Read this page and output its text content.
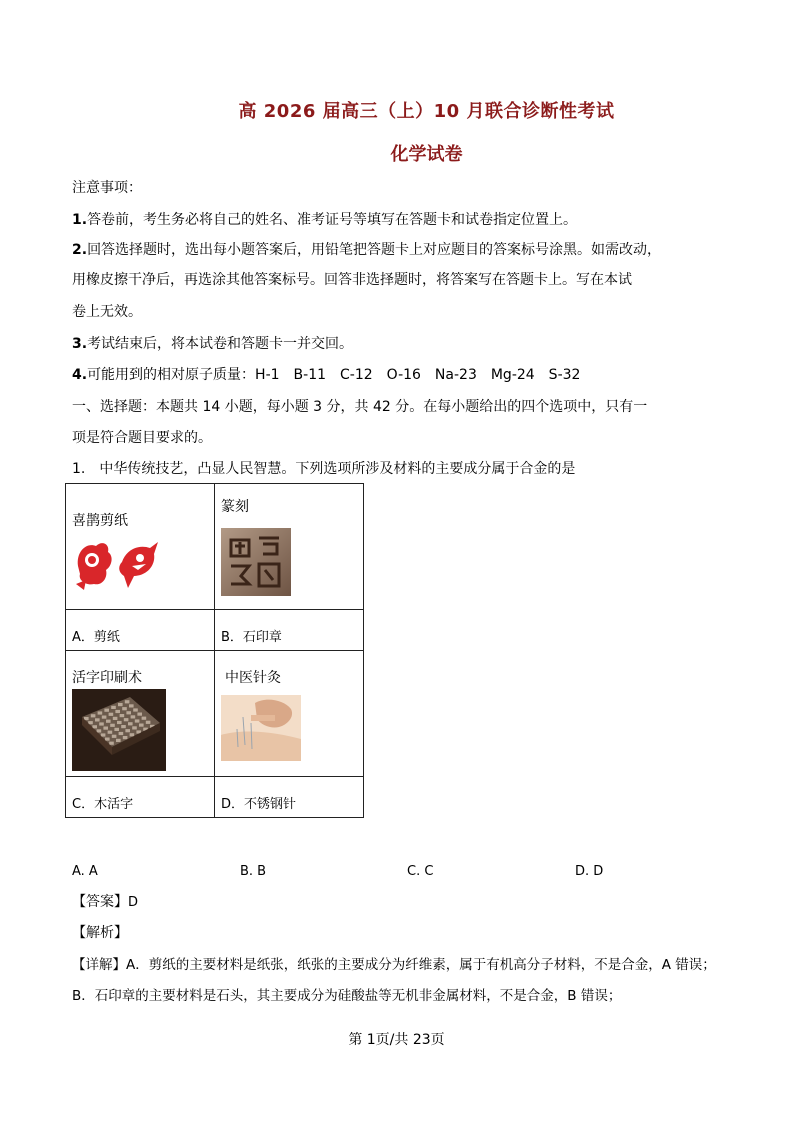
高 2026 届高三（上）10 月联合诊断性考试
化学试卷
注意事项：
1.答卷前，考生务必将自己的姓名、准考证号等填写在答题卡和试卷指定位置上。
2.回答选择题时，选出每小题答案后，用铅笔把答题卡上对应题目的答案标号涂黑。如需改动，
用橡皮擦干净后，再选涂其他答案标号。回答非选择题时，将答案写在答题卡上。写在本试
卷上无效。
3.考试结束后，将本试卷和答题卡一并交回。
4.可能用到的相对原子质量：H-1　B-11　C-12　O-16　Na-23　Mg-24　S-32
一、选择题：本题共 14 小题，每小题 3 分，共 42 分。在每小题给出的四个选项中，只有一
项是符合题目要求的。
1.　中华传统技艺，凸显人民智慧。下列选项所涉及材料的主要成分属于合金的是
喜鹊剪纸	篆刻

A．剪纸	B．石印章

活字印刷术	中医针灸

C．木活字	D．不锈钢针
A. A	B. B	C. C	D. D
【答案】D
【解析】
【详解】A．剪纸的主要材料是纸张，纸张的主要成分为纤维素，属于有机高分子材料，不是合金，A 错误；
B．石印章的主要材料是石头，其主要成分为硅酸盐等无机非金属材料，不是合金，B 错误；
第 1页/共 23页
